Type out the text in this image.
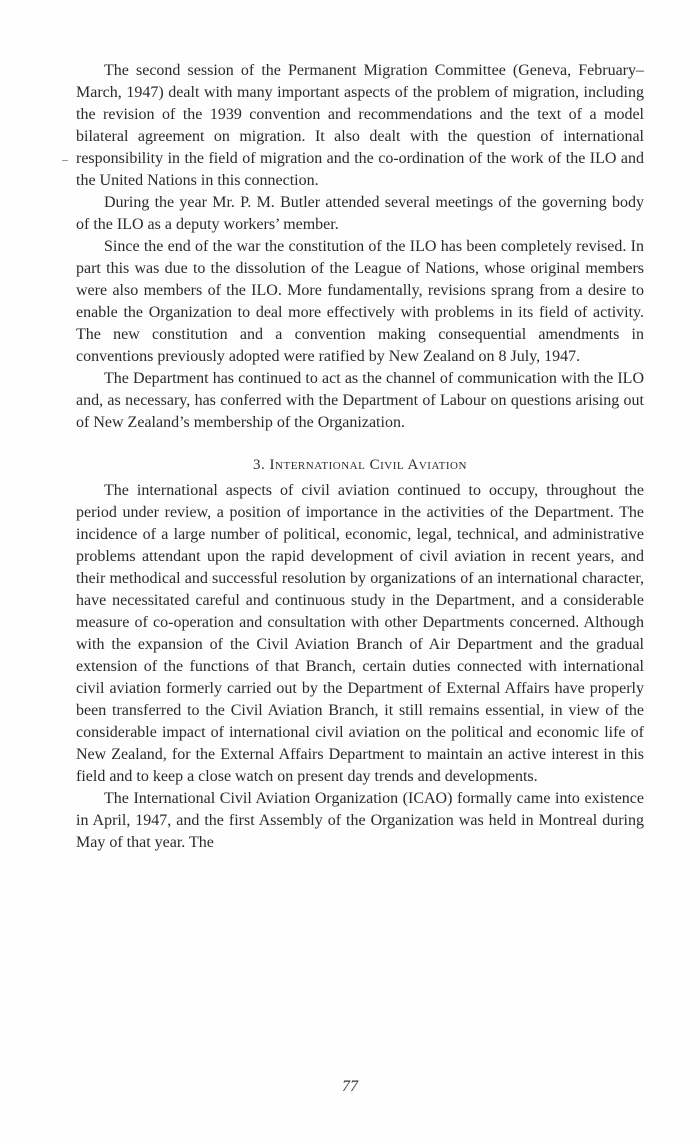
The second session of the Permanent Migration Committee (Geneva, February–March, 1947) dealt with many important aspects of the problem of migration, including the revision of the 1939 convention and recommendations and the text of a model bilateral agreement on migration. It also dealt with the question of international responsibility in the field of migration and the co-ordination of the work of the ILO and the United Nations in this connection.

During the year Mr. P. M. Butler attended several meetings of the governing body of the ILO as a deputy workers’ member.

Since the end of the war the constitution of the ILO has been completely revised. In part this was due to the dissolution of the League of Nations, whose original members were also members of the ILO. More fundamentally, revisions sprang from a desire to enable the Organization to deal more effectively with problems in its field of activity. The new constitution and a convention making consequential amendments in conventions previously adopted were ratified by New Zealand on 8 July, 1947.

The Department has continued to act as the channel of communication with the ILO and, as necessary, has conferred with the Department of Labour on questions arising out of New Zealand’s membership of the Organization.

3. International Civil Aviation

The international aspects of civil aviation continued to occupy, throughout the period under review, a position of importance in the activities of the Department. The incidence of a large number of political, economic, legal, technical, and administrative problems attendant upon the rapid development of civil aviation in recent years, and their methodical and successful resolution by organizations of an international character, have necessitated careful and continuous study in the Department, and a considerable measure of co-operation and consultation with other Departments concerned. Although with the expansion of the Civil Aviation Branch of Air Department and the gradual extension of the functions of that Branch, certain duties connected with international civil aviation formerly carried out by the Department of External Affairs have properly been transferred to the Civil Aviation Branch, it still remains essential, in view of the considerable impact of international civil aviation on the political and economic life of New Zealand, for the External Affairs Department to maintain an active interest in this field and to keep a close watch on present day trends and developments.

The International Civil Aviation Organization (ICAO) formally came into existence in April, 1947, and the first Assembly of the Organization was held in Montreal during May of that year. The

77
